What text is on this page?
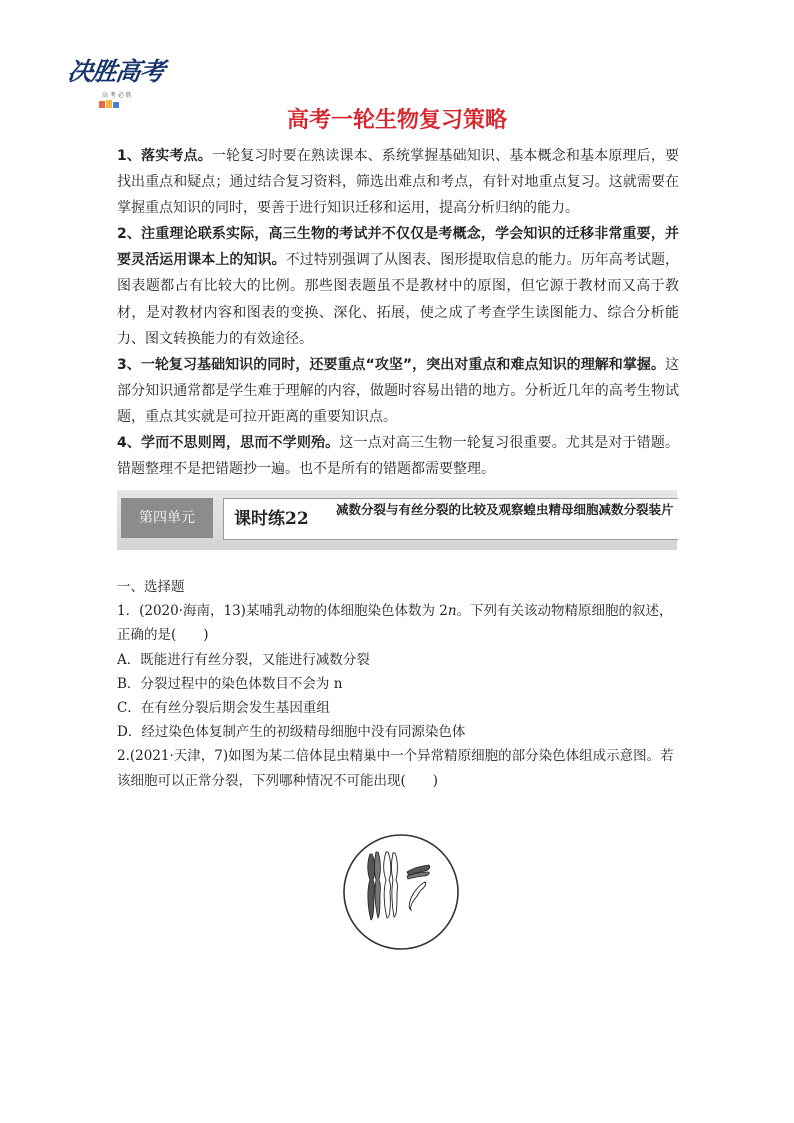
决胜高考
高 考 必 胜
高考一轮生物复习策略

1、落实考点。一轮复习时要在熟读课本、系统掌握基础知识、基本概念和基本原理后，要找出重点和疑点；通过结合复习资料，筛选出难点和考点，有针对地重点复习。这就需要在掌握重点知识的同时，要善于进行知识迁移和运用，提高分析归纳的能力。

2、注重理论联系实际，高三生物的考试并不仅仅是考概念，学会知识的迁移非常重要，并要灵活运用课本上的知识。不过特别强调了从图表、图形提取信息的能力。历年高考试题，图表题都占有比较大的比例。那些图表题虽不是教材中的原图，但它源于教材而又高于教材，是对教材内容和图表的变换、深化、拓展，使之成了考查学生读图能力、综合分析能力、图文转换能力的有效途径。

3、一轮复习基础知识的同时，还要重点“攻坚”，突出对重点和难点知识的理解和掌握。这部分知识通常都是学生难于理解的内容，做题时容易出错的地方。分析近几年的高考生物试题，重点其实就是可拉开距离的重要知识点。

4、学而不思则罔，思而不学则殆。这一点对高三生物一轮复习很重要。尤其是对于错题。错题整理不是把错题抄一遍。也不是所有的错题都需要整理。

第四单元	课时练22 减数分裂与有丝分裂的比较及观察蝗虫精母细胞减数分裂装片

一、选择题

1．(2020·海南，13)某哺乳动物的体细胞染色体数为 2n。下列有关该动物精原细胞的叙述，正确的是(　　)

A．既能进行有丝分裂，又能进行减数分裂

B．分裂过程中的染色体数目不会为 n

C．在有丝分裂后期会发生基因重组

D．经过染色体复制产生的初级精母细胞中没有同源染色体

2.(2021·天津，7)如图为某二倍体昆虫精巢中一个异常精原细胞的部分染色体组成示意图。若该细胞可以正常分裂，下列哪种情况不可能出现(　　)
